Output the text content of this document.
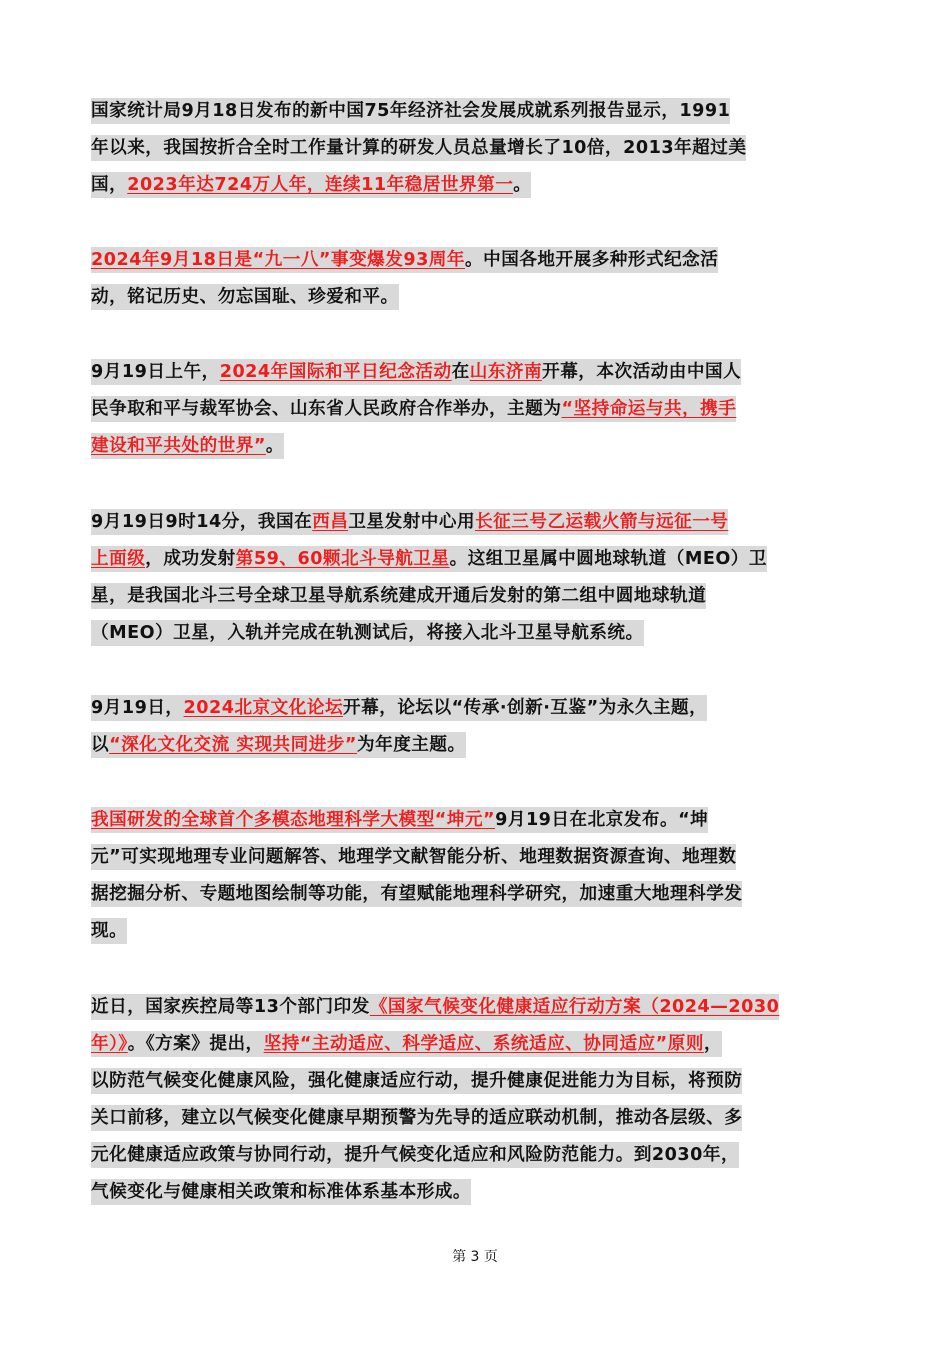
国家统计局9月18日发布的新中国75年经济社会发展成就系列报告显示，1991
年以来，我国按折合全时工作量计算的研发人员总量增长了10倍，2013年超过美
国，2023年达724万人年，连续11年稳居世界第一。
2024年9月18日是“九一八”事变爆发93周年。中国各地开展多种形式纪念活
动，铭记历史、勿忘国耻、珍爱和平。
9月19日上午，2024年国际和平日纪念活动在山东济南开幕，本次活动由中国人
民争取和平与裁军协会、山东省人民政府合作举办，主题为“坚持命运与共，携手
建设和平共处的世界”。
9月19日9时14分，我国在西昌卫星发射中心用长征三号乙运载火箭与远征一号
上面级，成功发射第59、60颗北斗导航卫星。这组卫星属中圆地球轨道（MEO）卫
星，是我国北斗三号全球卫星导航系统建成开通后发射的第二组中圆地球轨道
（MEO）卫星，入轨并完成在轨测试后，将接入北斗卫星导航系统。
9月19日，2024北京文化论坛开幕，论坛以“传承·创新·互鉴”为永久主题，
以“深化文化交流 实现共同进步”为年度主题。
我国研发的全球首个多模态地理科学大模型“坤元”9月19日在北京发布。“坤
元”可实现地理专业问题解答、地理学文献智能分析、地理数据资源查询、地理数
据挖掘分析、专题地图绘制等功能，有望赋能地理科学研究，加速重大地理科学发
现。
近日，国家疾控局等13个部门印发《国家气候变化健康适应行动方案（2024—2030
年）》。《方案》提出，坚持“主动适应、科学适应、系统适应、协同适应”原则，
以防范气候变化健康风险，强化健康适应行动，提升健康促进能力为目标，将预防
关口前移，建立以气候变化健康早期预警为先导的适应联动机制，推动各层级、多
元化健康适应政策与协同行动，提升气候变化适应和风险防范能力。到2030年，
气候变化与健康相关政策和标准体系基本形成。
第 3 页
